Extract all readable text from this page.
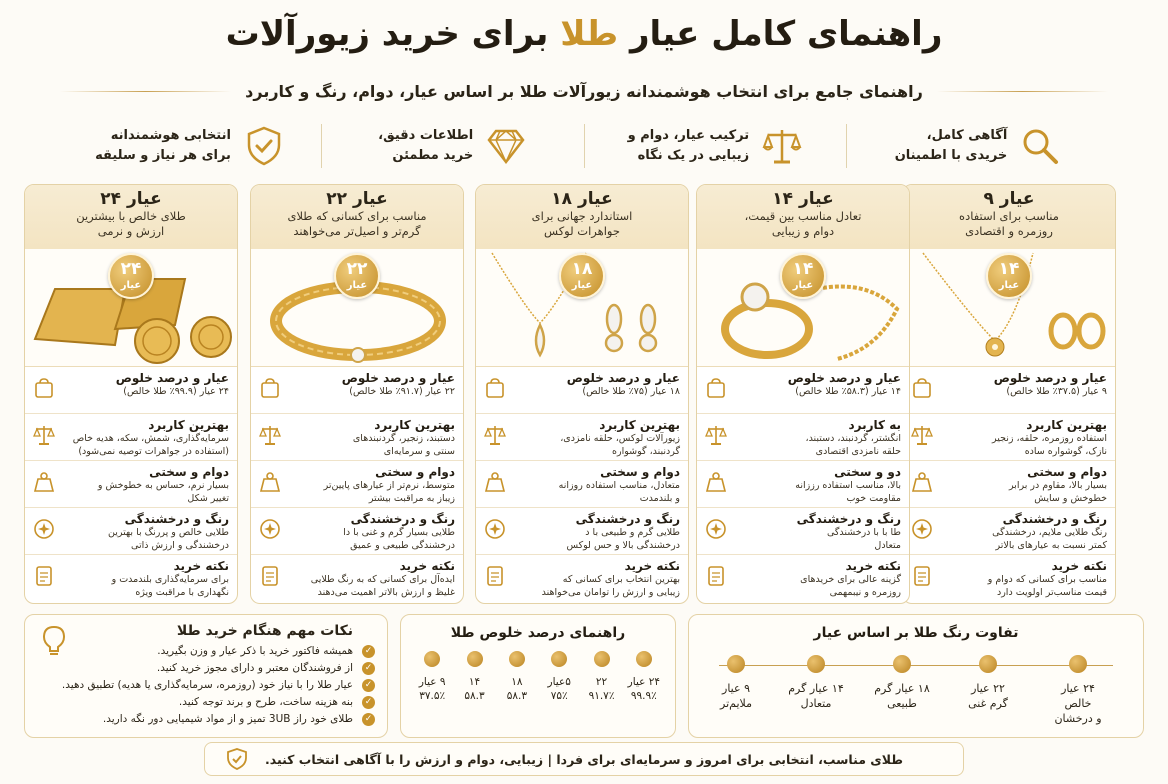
راهنمای کامل عیار طلا برای خرید زیورآلات
راهنمای جامع برای انتخاب هوشمندانه زیورآلات طلا بر اساس عیار، دوام، رنگ و کاربرد
آگاهی کامل،
خریدی با اطمینان
ترکیب عیار، دوام و
زیبایی در یک نگاه
اطلاعات دقیق،
خرید مطمئن
انتخابی هوشمندانه
برای هر نیاز و سلیقه
عیار ۹
مناسب برای استفاده
روزمره و اقتصادی
۱۴
عیار
عیار و درصد خلوص
۹ عیار (۳۷.۵٪ طلا خالص)
بهترین کاربرد
استفاده روزمره، حلقه، زنجیر
نازک، گوشواره ساده
دوام و سختی
بسیار بالا، مقاوم در برابر
خطوخش و سایش
رنگ و درخشندگی
رنگ طلایی ملایم، درخشندگی
کمتر نسبت به عیارهای بالاتر
نکته خرید
مناسب برای کسانی که دوام و
قیمت مناسب‌تر اولویت دارد
عیار ۱۴
تعادل مناسب بین قیمت،
دوام و زیبایی
۱۴
عیار
عیار و درصد خلوص
۱۴ عیار (۵۸.۳٪ طلا خالص)
به کاربرد
انگشتر، گردنبند، دستبند،
حلقه نامزدی اقتصادی
دو و سختی
بالا، مناسب استفاده رززانه
مقاومت خوب
رنگ و درخشندگی
طا با با درخشندگی
متعادل
نکته خرید
گزینه عالی برای خریدهای
روزمره و نیبمهمی
عیار ۱۸
استاندارد جهانی برای
جواهرات لوکس
۱۸
عیار
عیار و درصد خلوص
۱۸ عیار (۷۵٪ طلا خالص)
بهترین کاربرد
زیورآلات لوکس، حلقه نامزدی،
گردنبند، گوشواره
دوام و سختی
متعادل، مناسب استفاده روزانه
و بلندمدت
رنگ و درخشندگی
طلایی گرم و طبیعی با د
درخشندگی بالا و حس لوکس
نکته خرید
بهترین انتخاب برای کسانی که
زیبایی و ارزش را توامان می‌خواهند
عیار ۲۲
مناسب برای کسانی که طلای
گرم‌تر و اصیل‌تر می‌خواهند
۲۲
عیار
عیار و درصد خلوص
۲۲ عیار (۹۱.۷٪ طلا خالص)
بهترین کاربرد
دستبند، زنجیر، گردنبندهای
سنتی و سرمایه‌ای
دوام و سختی
متوسط، نرم‌تر از عیارهای پایین‌تر
زیباز به مراقبت بیشتر
رنگ و درخشندگی
طلایی بسیار گرم و غنی با دا
درخشندگی طبیعی و عمیق
نکته خرید
ایده‌آل برای کسانی که به رنگ طلایی
غلیظ و ارزش بالاتر اهمیت می‌دهند
عیار ۲۴
طلای خالص با بیشترین
ارزش و نرمی
۲۴
عیار
عیار و درصد خلوص
۲۴ عیار (۹۹.۹٪ طلا خالص)
بهترین کاربرد
سرمایه‌گذاری، شمش، سکه، هدیه خاص
(استفاده در جواهرات توصیه نمی‌شود)
دوام و سختی
بسیار نرم، حساس به خطوخش و
تغییر شکل
رنگ و درخشندگی
طلایی خالص و پررنگ با بهترین
درخشندگی و ارزش ذاتی
نکته خرید
برای سرمایه‌گذاری بلندمدت و
نگهداری با مراقبت ویژه
تفاوت رنگ طلا بر اساس عیار
۲۴ عیار
خالص
و درخشان
۲۲ عیار
گرم غنی
۱۸ عیار گرم
طبیعی
۱۴ عیار گرم
متعادل
۹ عیار
ملایم‌تر
راهنمای درصد خلوص طلا
۲۴ عیار
۹۹.۹٪
۲۲
۹۱.۷٪
۵عیار
۷۵٪
۱۸
۵۸.۳
۱۴
۵۸.۳
۹ عیار
۳۷.۵٪
نکات مهم هنگام خرید طلا
✓
همیشه فاکتور خرید با ذکر عیار و وزن بگیرید.
✓
از فروشندگان معتبر و دارای مجوز خرید کنید.
✓
عیار طلا را با نیاز خود (روزمره، سرمایه‌گذاری یا هدیه) تطبیق دهید.
✓
بنه هزینه ساخت، طرح و برند توجه کنید.
✓
طلای خود راز 3UB تمیز و از مواد شیمیایی دور نگه دارید.
طلای مناسب، انتخابی برای امروز و سرمایه‌ای برای فردا | زیبایی، دوام و ارزش را با آگاهی انتخاب کنید.
